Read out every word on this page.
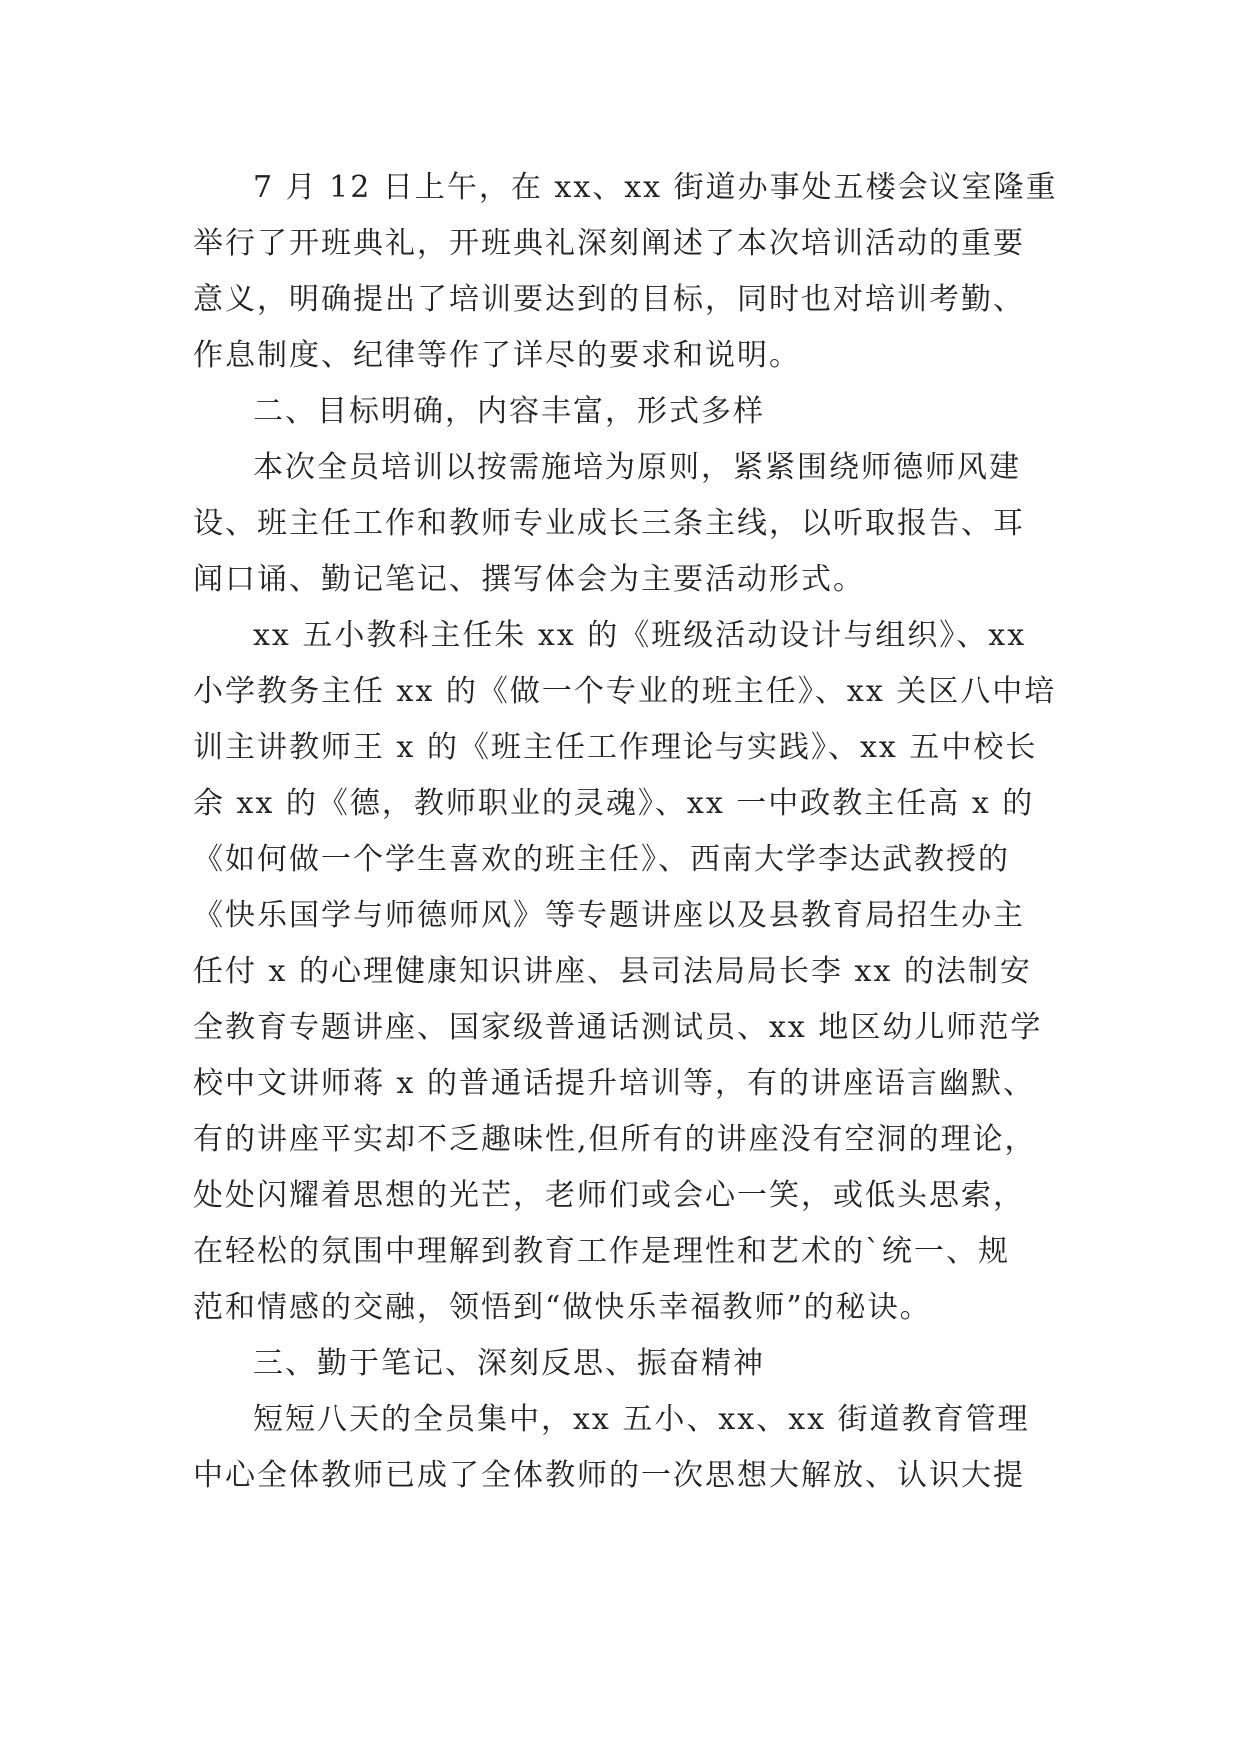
7 月 12 日上午，在 xx、xx 街道办事处五楼会议室隆重
举行了开班典礼，开班典礼深刻阐述了本次培训活动的重要
意义，明确提出了培训要达到的目标，同时也对培训考勤、
作息制度、纪律等作了详尽的要求和说明。
二、目标明确，内容丰富，形式多样
本次全员培训以按需施培为原则，紧紧围绕师德师风建
设、班主任工作和教师专业成长三条主线，以听取报告、耳
闻口诵、勤记笔记、撰写体会为主要活动形式。
xx 五小教科主任朱 xx 的《班级活动设计与组织》、xx
小学教务主任 xx 的《做一个专业的班主任》、xx 关区八中培
训主讲教师王 x 的《班主任工作理论与实践》、xx 五中校长
余 xx 的《德，教师职业的灵魂》、xx 一中政教主任高 x 的
《如何做一个学生喜欢的班主任》、西南大学李达武教授的
《快乐国学与师德师风》等专题讲座以及县教育局招生办主
任付 x 的心理健康知识讲座、县司法局局长李 xx 的法制安
全教育专题讲座、国家级普通话测试员、xx 地区幼儿师范学
校中文讲师蒋 x 的普通话提升培训等，有的讲座语言幽默、
有的讲座平实却不乏趣味性,但所有的讲座没有空洞的理论，
处处闪耀着思想的光芒，老师们或会心一笑，或低头思索，
在轻松的氛围中理解到教育工作是理性和艺术的`统一、规
范和情感的交融，领悟到“做快乐幸福教师”的秘诀。
三、勤于笔记、深刻反思、振奋精神
短短八天的全员集中，xx 五小、xx、xx 街道教育管理
中心全体教师已成了全体教师的一次思想大解放、认识大提
